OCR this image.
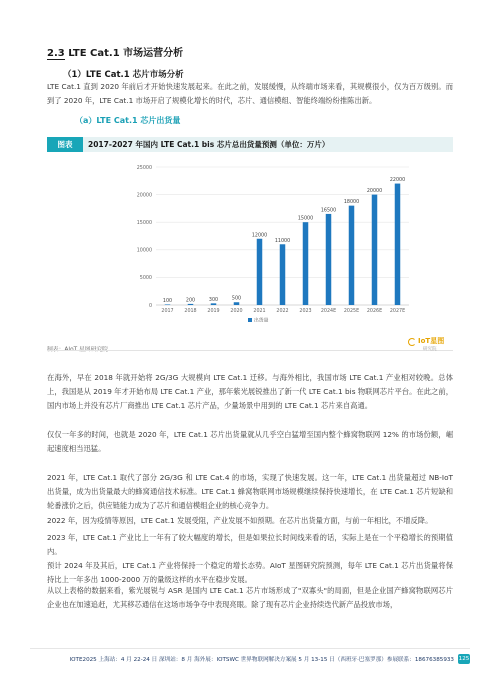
2.3 LTE Cat.1 市场运营分析
（1）LTE Cat.1 芯片市场分析
LTE Cat.1 直到 2020 年前后才开始快速发展起来。在此之前，发展缓慢，从终端市场来看，其规模很小，仅为百万级别。而到了 2020 年，LTE Cat.1 市场开启了规模化增长的时代，芯片、通信模组、智能终端纷纷推陈出新。
（a）LTE Cat.1 芯片出货量
图表 160:
2017-2027 年国内 LTE Cat.1 bis 芯片总出货量预测（单位：万片）
0
5000
10000
15000
20000
25000
100
2017
200
2018
300
2019
500
2020
12000
2021
11000
2022
15000
2023
16500
2024E
18000
2025E
20000
2026E
22000
2027E
出货量
制表：AIoT 星图研究院
IoT星图
研究院
在海外，早在 2018 年就开始将 2G/3G 大规模向 LTE Cat.1 迁移。与海外相比，我国市场 LTE Cat.1 产业相对较晚。总体上，我国是从 2019 年才开始布局 LTE Cat.1 产业，那年紫光展锐推出了新一代 LTE Cat.1 bis 物联网芯片平台。在此之前，国内市场上并没有芯片厂商推出 LTE Cat.1 芯片产品，少量场景中用到的 LTE Cat.1 芯片来自高通。
仅仅一年多的时间，也就是 2020 年，LTE Cat.1 芯片出货量就从几乎空白猛增至国内整个蜂窝物联网 12% 的市场份额，崛起速度相当迅猛。
2021 年，LTE Cat.1 取代了部分 2G/3G 和 LTE Cat.4 的市场，实现了快速发展。这一年，LTE Cat.1 出货量超过 NB-IoT 出货量，成为出货量最大的蜂窝通信技术标准。LTE Cat.1 蜂窝物联网市场规模继续保持快速增长，在 LTE Cat.1 芯片短缺和轮番涨价之后，供应链能力成为了芯片和通信模组企业的核心竞争力。
2022 年，因为疫情等原因，LTE Cat.1 发展受阻，产业发展不如预期。在芯片出货量方面，与前一年相比，不增反降。
2023 年，LTE Cat.1 产业比上一年有了较大幅度的增长，但是如果拉长时间线来看的话，实际上是在一个平稳增长的预期值内。
预计 2024 年及其后，LTE Cat.1 产业将保持一个稳定的增长态势。AIoT 星图研究院预测，每年 LTE Cat.1 芯片出货量将保持比上一年多出 1000-2000 万的量级这样的水平在稳步发展。
从以上表格的数据来看，紫光展锐与 ASR 是国内 LTE Cat.1 芯片市场形成了"双寡头"的局面，但是企业国产蜂窝物联网芯片企业也在加速追赶，尤其移芯通信在这场市场争夺中表现亮眼。除了现有芯片企业持续迭代新产品投放市场，
IOTE2025 上海站：4 月 22-24 日 深圳站：8 月 海外展：IOTSWC 世界物联网解决方案展 5 月 13-15 日（西班牙·巴塞罗那）参展联系：18676385933 125
